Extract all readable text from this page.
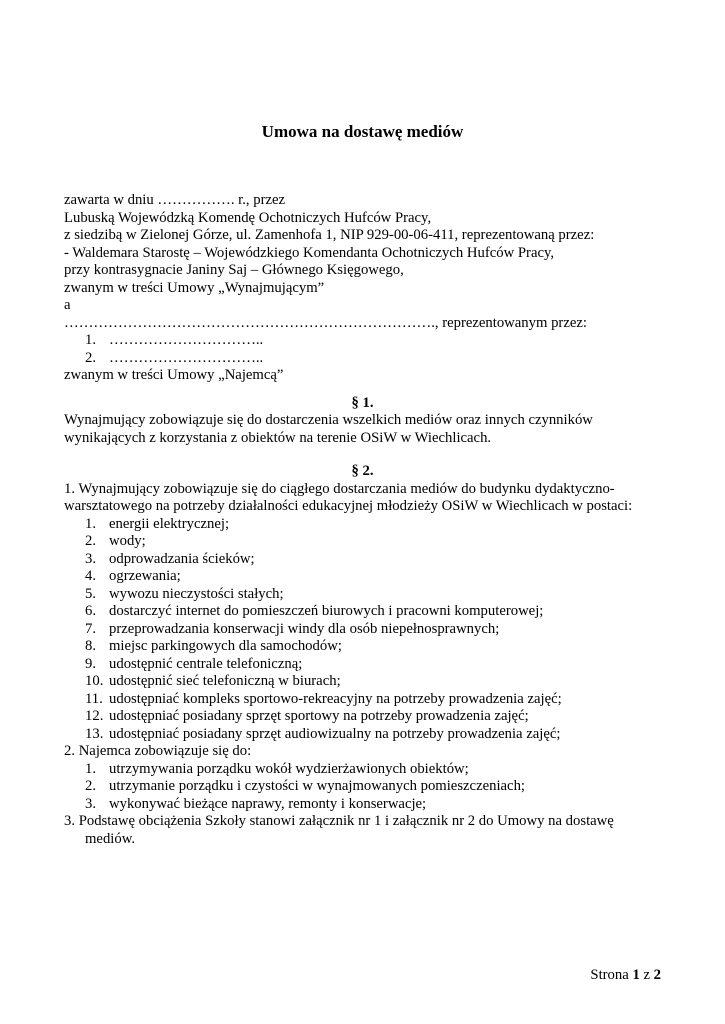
Umowa na dostawę mediów
zawarta w dniu ……………. r., przez
Lubuską Wojewódzką Komendę Ochotniczych Hufców Pracy,
z siedzibą w Zielonej Górze, ul. Zamenhofa 1, NIP 929-00-06-411, reprezentowaną przez:
- Waldemara Starostę – Wojewódzkiego Komendanta Ochotniczych Hufców Pracy,
przy kontrasygnacie Janiny Saj – Głównego Księgowego,
zwanym w treści Umowy „Wynajmującym”
a
…………………………………………………………………., reprezentowanym przez:
1. …………………………..
2. …………………………..
zwanym w treści Umowy „Najemcą”
§ 1.
Wynajmujący zobowiązuje się do dostarczenia wszelkich mediów oraz innych czynników wynikających z korzystania z obiektów na terenie OSiW w Wiechlicach.
§ 2.
1. Wynajmujący zobowiązuje się do ciągłego dostarczania mediów do budynku dydaktyczno-warsztatowego na potrzeby działalności edukacyjnej młodzieży OSiW w Wiechlicach w postaci:
1. energii elektrycznej;
2. wody;
3. odprowadzania ścieków;
4. ogrzewania;
5. wywozu nieczystości stałych;
6. dostarczyć internet do pomieszczeń biurowych i pracowni komputerowej;
7. przeprowadzania konserwacji windy dla osób niepełnosprawnych;
8. miejsc parkingowych dla samochodów;
9. udostępnić centrale telefoniczną;
10. udostępnić sieć telefoniczną w biurach;
11. udostępniać kompleks sportowo-rekreacyjny na potrzeby prowadzenia zajęć;
12. udostępniać posiadany sprzęt sportowy na potrzeby prowadzenia zajęć;
13. udostępniać posiadany sprzęt audiowizualny na potrzeby prowadzenia zajęć;
2. Najemca zobowiązuje się do:
1. utrzymywania porządku wokół wydzierżawionych obiektów;
2. utrzymanie porządku i czystości w wynajmowanych pomieszczeniach;
3. wykonywać bieżące naprawy, remonty i konserwacje;
3. Podstawę obciążenia Szkoły stanowi załącznik nr 1 i załącznik nr 2 do Umowy na dostawę mediów.
Strona 1 z 2
